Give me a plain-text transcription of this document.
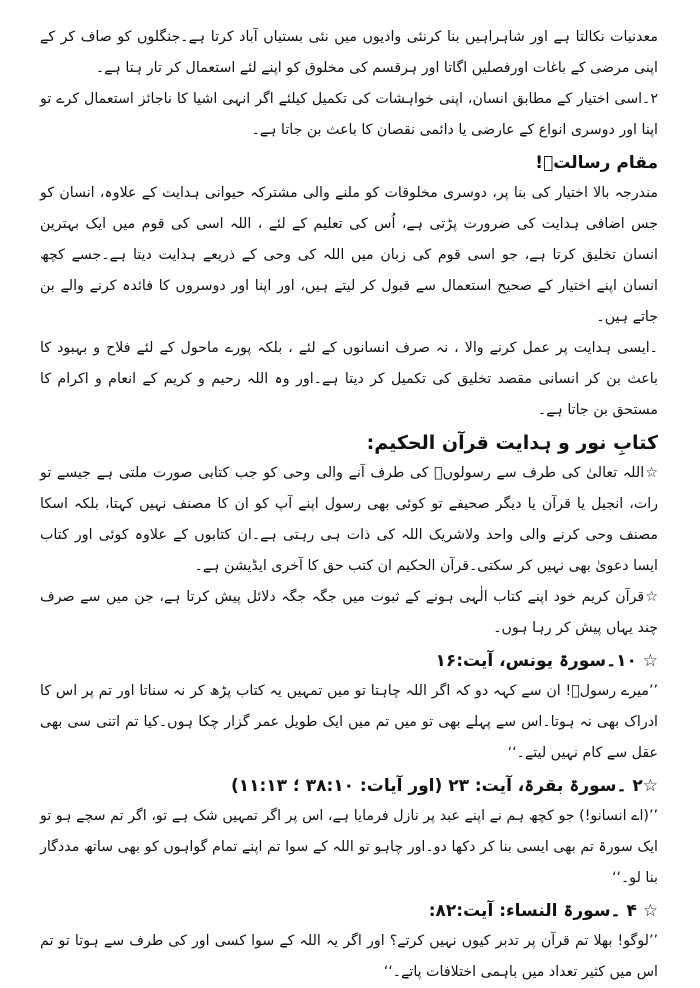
معدنیات نکالتا ہے اور شاہراہیں بنا کرنئی وادیوں میں نئی بستیاں آباد کرتا ہے۔جنگلوں کو صاف کر کے اپنی مرضی کے باغات اورفصلیں اگاتا اور ہرقسم کی مخلوق کو اپنے لئے استعمال کر تار ہتا ہے۔

۲۔اسی اختیار کے مطابق انسان، اپنی خواہشات کی تکمیل کیلئے اگر انہی اشیا کا ناجائز استعمال کرے تو اپنا اور دوسری انواع کے عارضی یا دائمی نقصان کا باعث بن جاتا ہے۔

مقام رسالتؐ!

مندرجہ بالا اختیار کی بنا پر، دوسری مخلوقات کو ملنے والی مشترکہ حیوانی ہدایت کے علاوہ، انسان کو جس اضافی ہدایت کی ضرورت پڑتی ہے، اُس کی تعلیم کے لئے ، اللہ اسی کی قوم میں ایک بہترین انسان تخلیق کرتا ہے، جو اسی قوم کی زبان میں اللہ کی وحی کے ذریعے ہدایت دیتا ہے۔جسے کچھ انسان اپنے اختیار کے صحیح استعمال سے قبول کر لیتے ہیں، اور اپنا اور دوسروں کا فائدہ کرنے والے بن جاتے ہیں۔

۔ایسی ہدایت پر عمل کرنے والا ، نہ صرف انسانوں کے لئے ، بلکہ پورے ماحول کے لئے فلاح و بہبود کا باعث بن کر انسانی مقصد تخلیق کی تکمیل کر دیتا ہے۔اور وہ اللہ رحیم و کریم کے انعام و اکرام کا مستحق بن جاتا ہے۔

کتابِ نور و ہدایت قرآن الحکیم:

☆اللہ تعالیٰ کی طرف سے رسولوںؑ کی طرف آنے والی وحی کو جب کتابی صورت ملتی ہے جیسے تو رات، انجیل یا قرآن یا دیگر صحیفے تو کوئی بھی رسول اپنے آپ کو ان کا مصنف نہیں کہتا، بلکہ اسکا مصنف وحی کرنے والی واحد ولاشریک اللہ کی ذات ہی رہتی ہے۔ان کتابوں کے علاوہ کوئی اور کتاب ایسا دعویٰ بھی نہیں کر سکتی۔قرآن الحکیم ان کتب حق کا آخری ایڈیشن ہے۔

☆قرآن کریم خود اپنے کتاب الٰہی ہونے کے ثبوت میں جگہ جگہ دلائل پیش کرتا ہے، جن میں سے صرف چند یہاں پیش کر رہا ہوں۔

☆ ۱۰۔سورۃ یونس، آیت:۱۶

’’میرے رسولؐ! ان سے کہہ دو کہ اگر اللہ چاہتا تو میں تمہیں یہ کتاب پڑھ کر نہ سناتا اور تم پر اس کا ادراک بھی نہ ہوتا۔اس سے پہلے بھی تو میں تم میں ایک طویل عمر گزار چکا ہوں۔کیا تم اتنی سی بھی عقل سے کام نہیں لیتے۔‘‘

☆۲ ۔سورۃ بقرۃ، آیت: ۲۳ (اور آیات: ۳۸:۱۰ ؛ ۱۱:۱۳)

’’(اے انسانو!) جو کچھ ہم نے اپنے عبد پر نازل فرمایا ہے، اس پر اگر تمہیں شک ہے تو، اگر تم سچے ہو تو ایک سورۃ تم بھی ایسی بنا کر دکھا دو۔اور چاہو تو اللہ کے سوا تم اپنے تمام گواہوں کو بھی ساتھ مددگار بنا لو۔‘‘

☆ ۴ ۔سورۃ النساء: آیت:۸۲:

’’لوگو! بھلا تم قرآن پر تدبر کیوں نہیں کرتے؟ اور اگر یہ اللہ کے سوا کسی اور کی طرف سے ہوتا تو تم اس میں کثیر تعداد میں باہمی اختلافات پاتے۔‘‘
